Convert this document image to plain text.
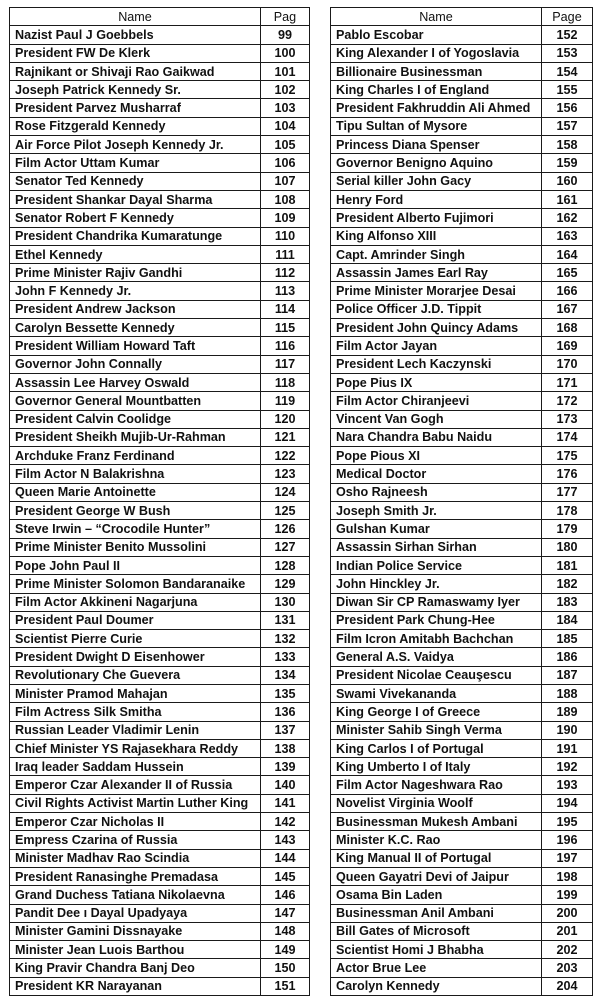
Name	Pag
Nazist Paul J Goebbels	99
President FW De Klerk	100
Rajnikant or Shivaji Rao Gaikwad	101
Joseph Patrick Kennedy Sr.	102
President Parvez Musharraf	103
Rose Fitzgerald Kennedy	104
Air Force Pilot Joseph Kennedy Jr.	105
Film Actor Uttam Kumar	106
Senator Ted Kennedy	107
President Shankar Dayal Sharma	108
Senator Robert F Kennedy	109
President Chandrika Kumaratunge	110
Ethel Kennedy	111
Prime Minister Rajiv Gandhi	112
John F Kennedy Jr.	113
President Andrew Jackson	114
Carolyn Bessette Kennedy	115
President William Howard Taft	116
Governor John Connally	117
Assassin Lee Harvey Oswald	118
Governor General Mountbatten	119
President Calvin Coolidge	120
President Sheikh Mujib-Ur-Rahman	121
Archduke Franz Ferdinand	122
Film Actor N Balakrishna	123
Queen Marie Antoinette	124
President George W Bush	125
Steve Irwin – “Crocodile Hunter”	126
Prime Minister Benito Mussolini	127
Pope John Paul II	128
Prime Minister Solomon Bandaranaike	129
Film Actor Akkineni Nagarjuna	130
President Paul Doumer	131
Scientist Pierre Curie	132
President Dwight D Eisenhower	133
Revolutionary Che Guevera	134
Minister Pramod Mahajan	135
Film Actress Silk Smitha	136
Russian Leader Vladimir Lenin	137
Chief Minister YS Rajasekhara Reddy	138
Iraq leader Saddam Hussein	139
Emperor Czar Alexander II of Russia	140
Civil Rights Activist Martin Luther King	141
Emperor Czar Nicholas II	142
Empress Czarina of Russia	143
Minister Madhav Rao Scindia	144
President Ranasinghe Premadasa	145
Grand Duchess Tatiana Nikolaevna	146
Pandit Dee ı Dayal Upadyaya	147
Minister Gamini Dissnayake	148
Minister Jean Luois Barthou	149
King Pravir Chandra Banj Deo	150
President KR Narayanan	151
Name	Page
Pablo Escobar	152
King Alexander I of Yogoslavia	153
Billionaire Businessman	154
King Charles I of England	155
President Fakhruddin Ali Ahmed	156
Tipu Sultan of Mysore	157
Princess Diana Spenser	158
Governor Benigno Aquino	159
Serial killer John Gacy	160
Henry Ford	161
President Alberto Fujimori	162
King Alfonso XIII	163
Capt. Amrinder Singh	164
Assassin James Earl Ray	165
Prime Minister Morarjee Desai	166
Police Officer J.D. Tippit	167
President John Quincy Adams	168
Film Actor Jayan	169
President Lech Kaczynski	170
Pope Pius IX	171
Film Actor Chiranjeevi	172
Vincent Van Gogh	173
Nara Chandra Babu Naidu	174
Pope Pious XI	175
Medical Doctor	176
Osho Rajneesh	177
Joseph Smith Jr.	178
Gulshan Kumar	179
Assassin Sirhan Sirhan	180
Indian Police Service	181
John Hinckley Jr.	182
Diwan Sir CP Ramaswamy Iyer	183
President Park Chung-Hee	184
Film Icron Amitabh Bachchan	185
General A.S. Vaidya	186
President Nicolae Ceauşescu	187
Swami Vivekananda	188
King George I of Greece	189
Minister Sahib Singh Verma	190
King Carlos I of Portugal	191
King Umberto I of Italy	192
Film Actor Nageshwara Rao	193
Novelist Virginia Woolf	194
Businessman Mukesh Ambani	195
Minister K.C. Rao	196
King Manual II of Portugal	197
Queen Gayatri Devi of Jaipur	198
Osama Bin Laden	199
Businessman Anil Ambani	200
Bill Gates of Microsoft	201
Scientist Homi J Bhabha	202
Actor Brue Lee	203
Carolyn Kennedy	204
